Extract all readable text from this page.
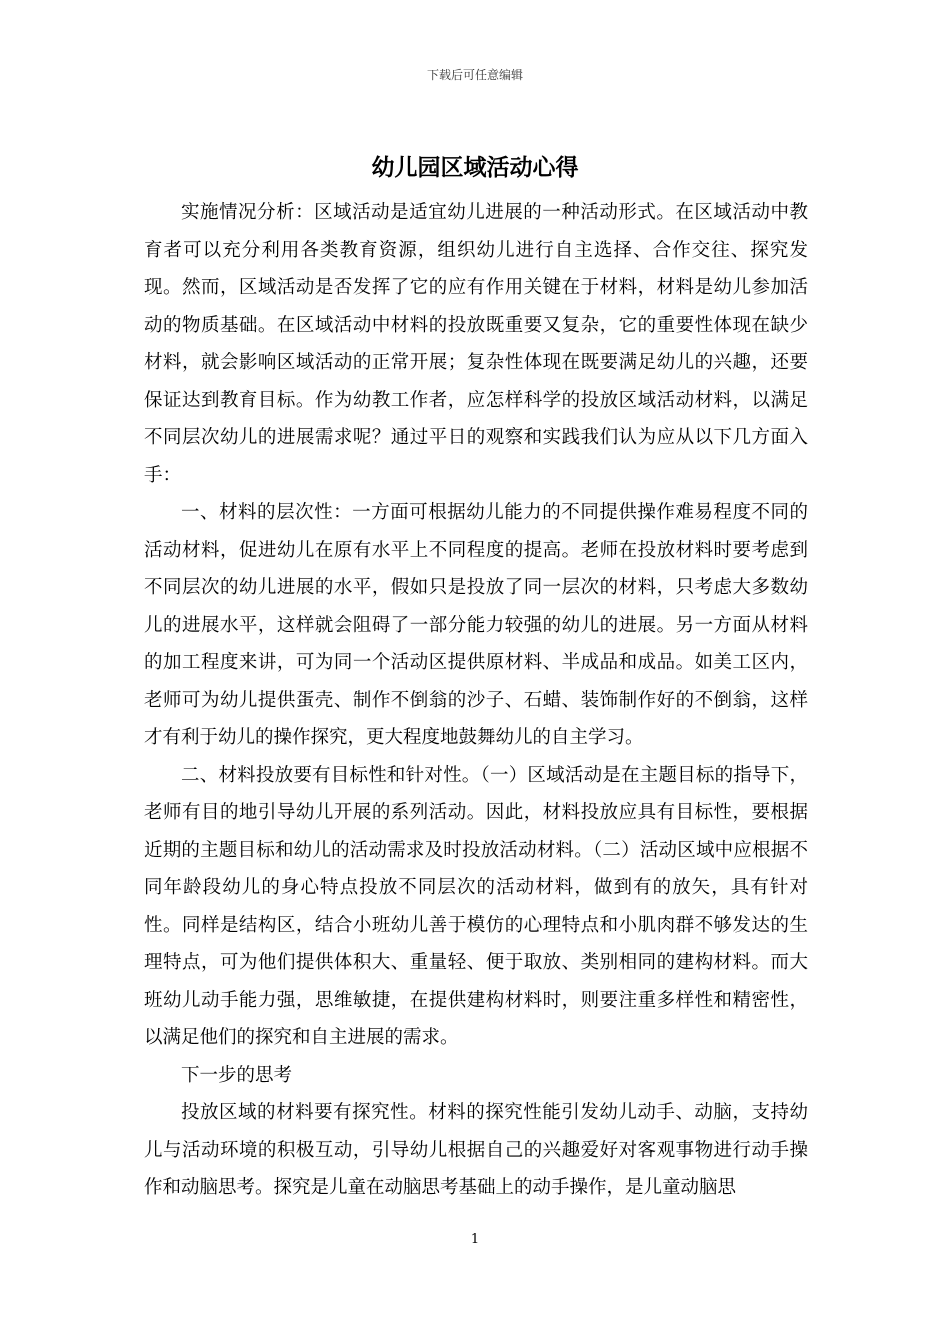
下载后可任意编辑
幼儿园区域活动心得

实施情况分析：区域活动是适宜幼儿进展的一种活动形式。在区域活动中教育者可以充分利用各类教育资源，组织幼儿进行自主选择、合作交往、探究发现。然而，区域活动是否发挥了它的应有作用关键在于材料，材料是幼儿参加活动的物质基础。在区域活动中材料的投放既重要又复杂，它的重要性体现在缺少材料，就会影响区域活动的正常开展；复杂性体现在既要满足幼儿的兴趣，还要保证达到教育目标。作为幼教工作者，应怎样科学的投放区域活动材料，以满足不同层次幼儿的进展需求呢？通过平日的观察和实践我们认为应从以下几方面入手：

一、材料的层次性：一方面可根据幼儿能力的不同提供操作难易程度不同的活动材料，促进幼儿在原有水平上不同程度的提高。老师在投放材料时要考虑到不同层次的幼儿进展的水平，假如只是投放了同一层次的材料，只考虑大多数幼儿的进展水平，这样就会阻碍了一部分能力较强的幼儿的进展。另一方面从材料的加工程度来讲，可为同一个活动区提供原材料、半成品和成品。如美工区内，老师可为幼儿提供蛋壳、制作不倒翁的沙子、石蜡、装饰制作好的不倒翁，这样才有利于幼儿的操作探究，更大程度地鼓舞幼儿的自主学习。

二、材料投放要有目标性和针对性。（一）区域活动是在主题目标的指导下，老师有目的地引导幼儿开展的系列活动。因此，材料投放应具有目标性，要根据近期的主题目标和幼儿的活动需求及时投放活动材料。（二）活动区域中应根据不同年龄段幼儿的身心特点投放不同层次的活动材料，做到有的放矢，具有针对性。同样是结构区，结合小班幼儿善于模仿的心理特点和小肌肉群不够发达的生理特点，可为他们提供体积大、重量轻、便于取放、类别相同的建构材料。而大班幼儿动手能力强，思维敏捷，在提供建构材料时，则要注重多样性和精密性，以满足他们的探究和自主进展的需求。

下一步的思考

投放区域的材料要有探究性。材料的探究性能引发幼儿动手、动脑，支持幼儿与活动环境的积极互动，引导幼儿根据自己的兴趣爱好对客观事物进行动手操作和动脑思考。探究是儿童在动脑思考基础上的动手操作，是儿童动脑思

1
